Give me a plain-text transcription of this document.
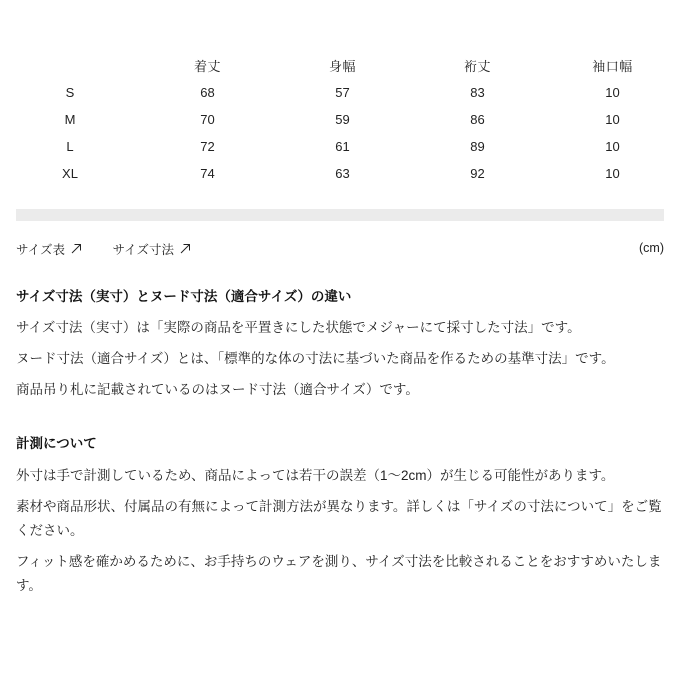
	着丈	身幅	裄丈	袖口幅
S	68	57	83	10
M	70	59	86	10
L	72	61	89	10
XL	74	63	92	10
サイズ表
	サイズ寸法	(cm)
サイズ寸法（実寸）とヌード寸法（適合サイズ）の違い

サイズ寸法（実寸）は「実際の商品を平置きにした状態でメジャーにて採寸した寸法」です。

ヌード寸法（適合サイズ）とは、「標準的な体の寸法に基づいた商品を作るための基準寸法」です。

商品吊り札に記載されているのはヌード寸法（適合サイズ）です。

計測について

外寸は手で計測しているため、商品によっては若干の誤差（1〜2cm）が生じる可能性があります。

素材や商品形状、付属品の有無によって計測方法が異なります。詳しくは「サイズの寸法について」をご覧ください。

フィット感を確かめるために、お手持ちのウェアを測り、サイズ寸法を比較されることをおすすめいたします。
